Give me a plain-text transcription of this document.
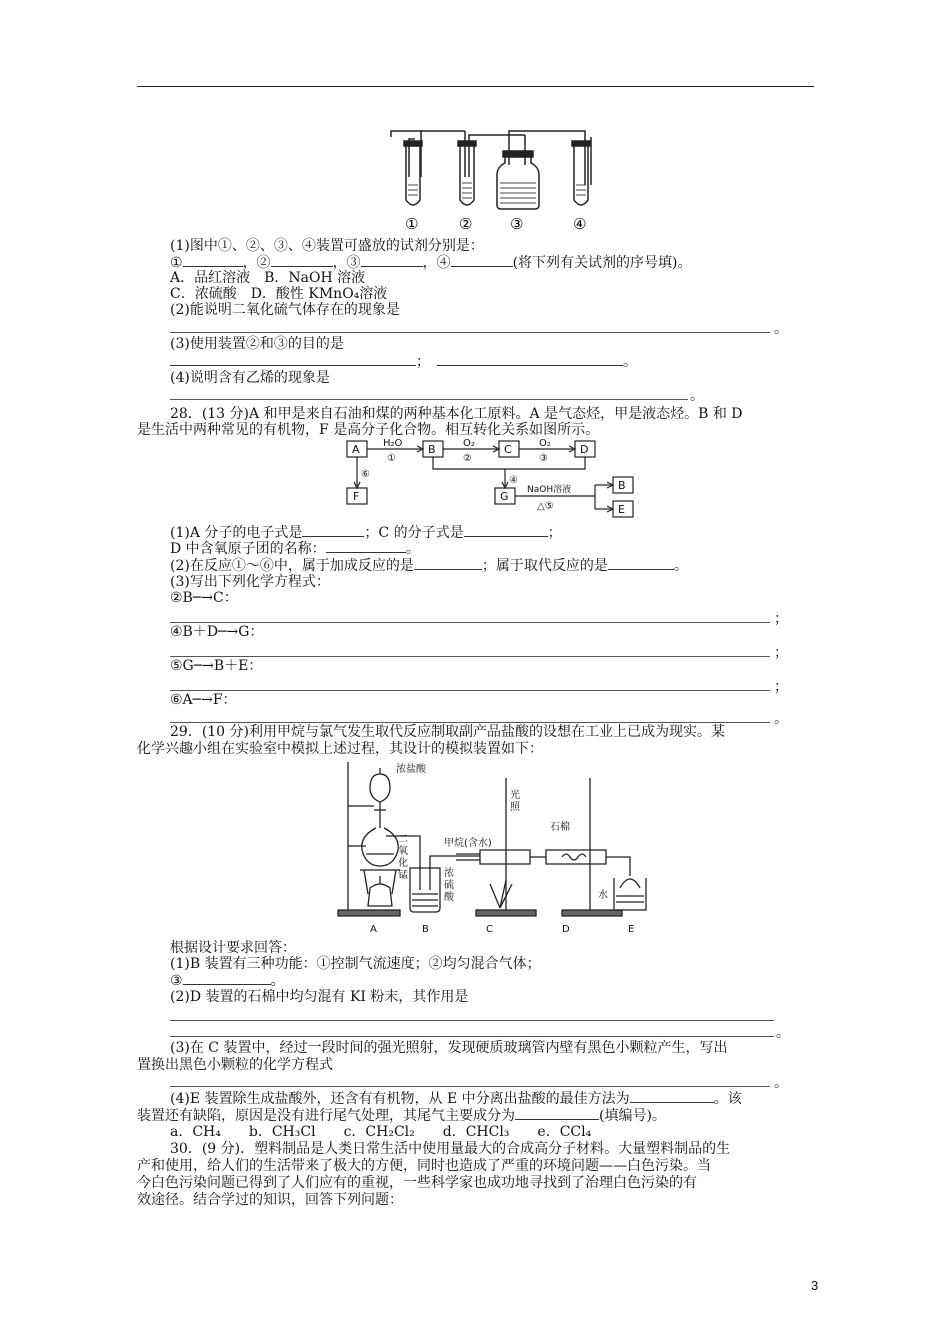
①	②	③	④
(1)图中①、②、③、④装置可盛放的试剂分别是：
①	，②	，③	，④	(将下列有关试剂的序号填)。
A．品红溶液　B．NaOH 溶液
C．浓硫酸　D．酸性 KMnO₄溶液
(2)能说明二氧化硫气体存在的现象是
。
(3)使用装置②和③的目的是
；　	。
(4)说明含有乙烯的现象是
。
28．(13 分)A 和甲是来自石油和煤的两种基本化工原料。A 是气态烃，甲是液态烃。B 和 D
是生活中两种常见的有机物，F 是高分子化合物。相互转化关系如图所示。
A	B	C	D
F	G
B
E
H₂O
①
O₂
②
O₂
③
⑥
④
NaOH溶液
△⑤
(1)A 分子的电子式是	；C 的分子式是	；
D 中含氧原子团的名称：	。
(2)在反应①～⑥中，属于加成反应的是	；属于取代反应的是	。
(3)写出下列化学方程式：
②B─→C：
；
④B＋D─→G：
；
⑤G─→B＋E：
；
⑥A─→F：
。
29．(10 分)利用甲烷与氯气发生取代反应制取副产品盐酸的设想在工业上已成为现实。某
化学兴趣小组在实验室中模拟上述过程，其设计的模拟装置如下：
浓盐酸
二
氧
化
锰
甲烷(含水)
光
照
浓
硫
酸
石棉
水
A	B	C	D	E
根据设计要求回答：
(1)B 装置有三种功能：①控制气流速度；②均匀混合气体；
③	。
(2)D 装置的石棉中均匀混有 KI 粉末，其作用是
。
(3)在 C 装置中，经过一段时间的强光照射，发现硬质玻璃管内壁有黑色小颗粒产生，写出
置换出黑色小颗粒的化学方程式
。
(4)E 装置除生成盐酸外，还含有有机物，从 E 中分离出盐酸的最佳方法为	。该
装置还有缺陷，原因是没有进行尾气处理，其尾气主要成分为	(填编号)。
a．CH₄　　b．CH₃Cl　　c．CH₂Cl₂　　d．CHCl₃　　e．CCl₄
30．(9 分)．塑料制品是人类日常生活中使用量最大的合成高分子材料。大量塑料制品的生
产和使用，给人们的生活带来了极大的方便，同时也造成了严重的环境问题——白色污染。当
今白色污染问题已得到了人们应有的重视，一些科学家也成功地寻找到了治理白色污染的有
效途径。结合学过的知识，回答下列问题：
3
